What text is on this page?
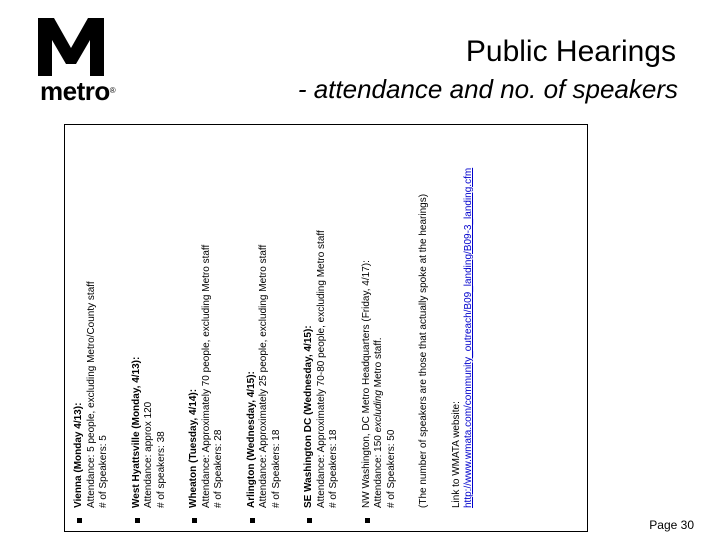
metro®
Public Hearings
- attendance and no. of speakers
Vienna (Monday 4/13): Attendance: 5 people, excluding Metro/County staff # of Speakers: 5 West Hyattsville (Monday, 4/13): Attendance: approx 120 # of speakers: 38 Wheaton (Tuesday, 4/14): Attendance: Approximately 70 people, excluding Metro staff # of Speakers: 28 Arlington (Wednesday, 4/15): Attendance: Approximately 25 people, excluding Metro staff # of Speakers: 18 SE Washington DC (Wednesday, 4/15): Attendance: Approximately 70-80 people, excluding Metro staff # of Speakers: 18 NW Washington, DC Metro Headquarters (Friday, 4/17): Attendance: 150 excluding Metro staff.
# of Speakers: 50 (The number of speakers are those that actually spoke at the hearings) Link to WMATA website: http://www.wmata.com/community_outreach/B09_landing/B09-3_landing.cfm
Page 30
